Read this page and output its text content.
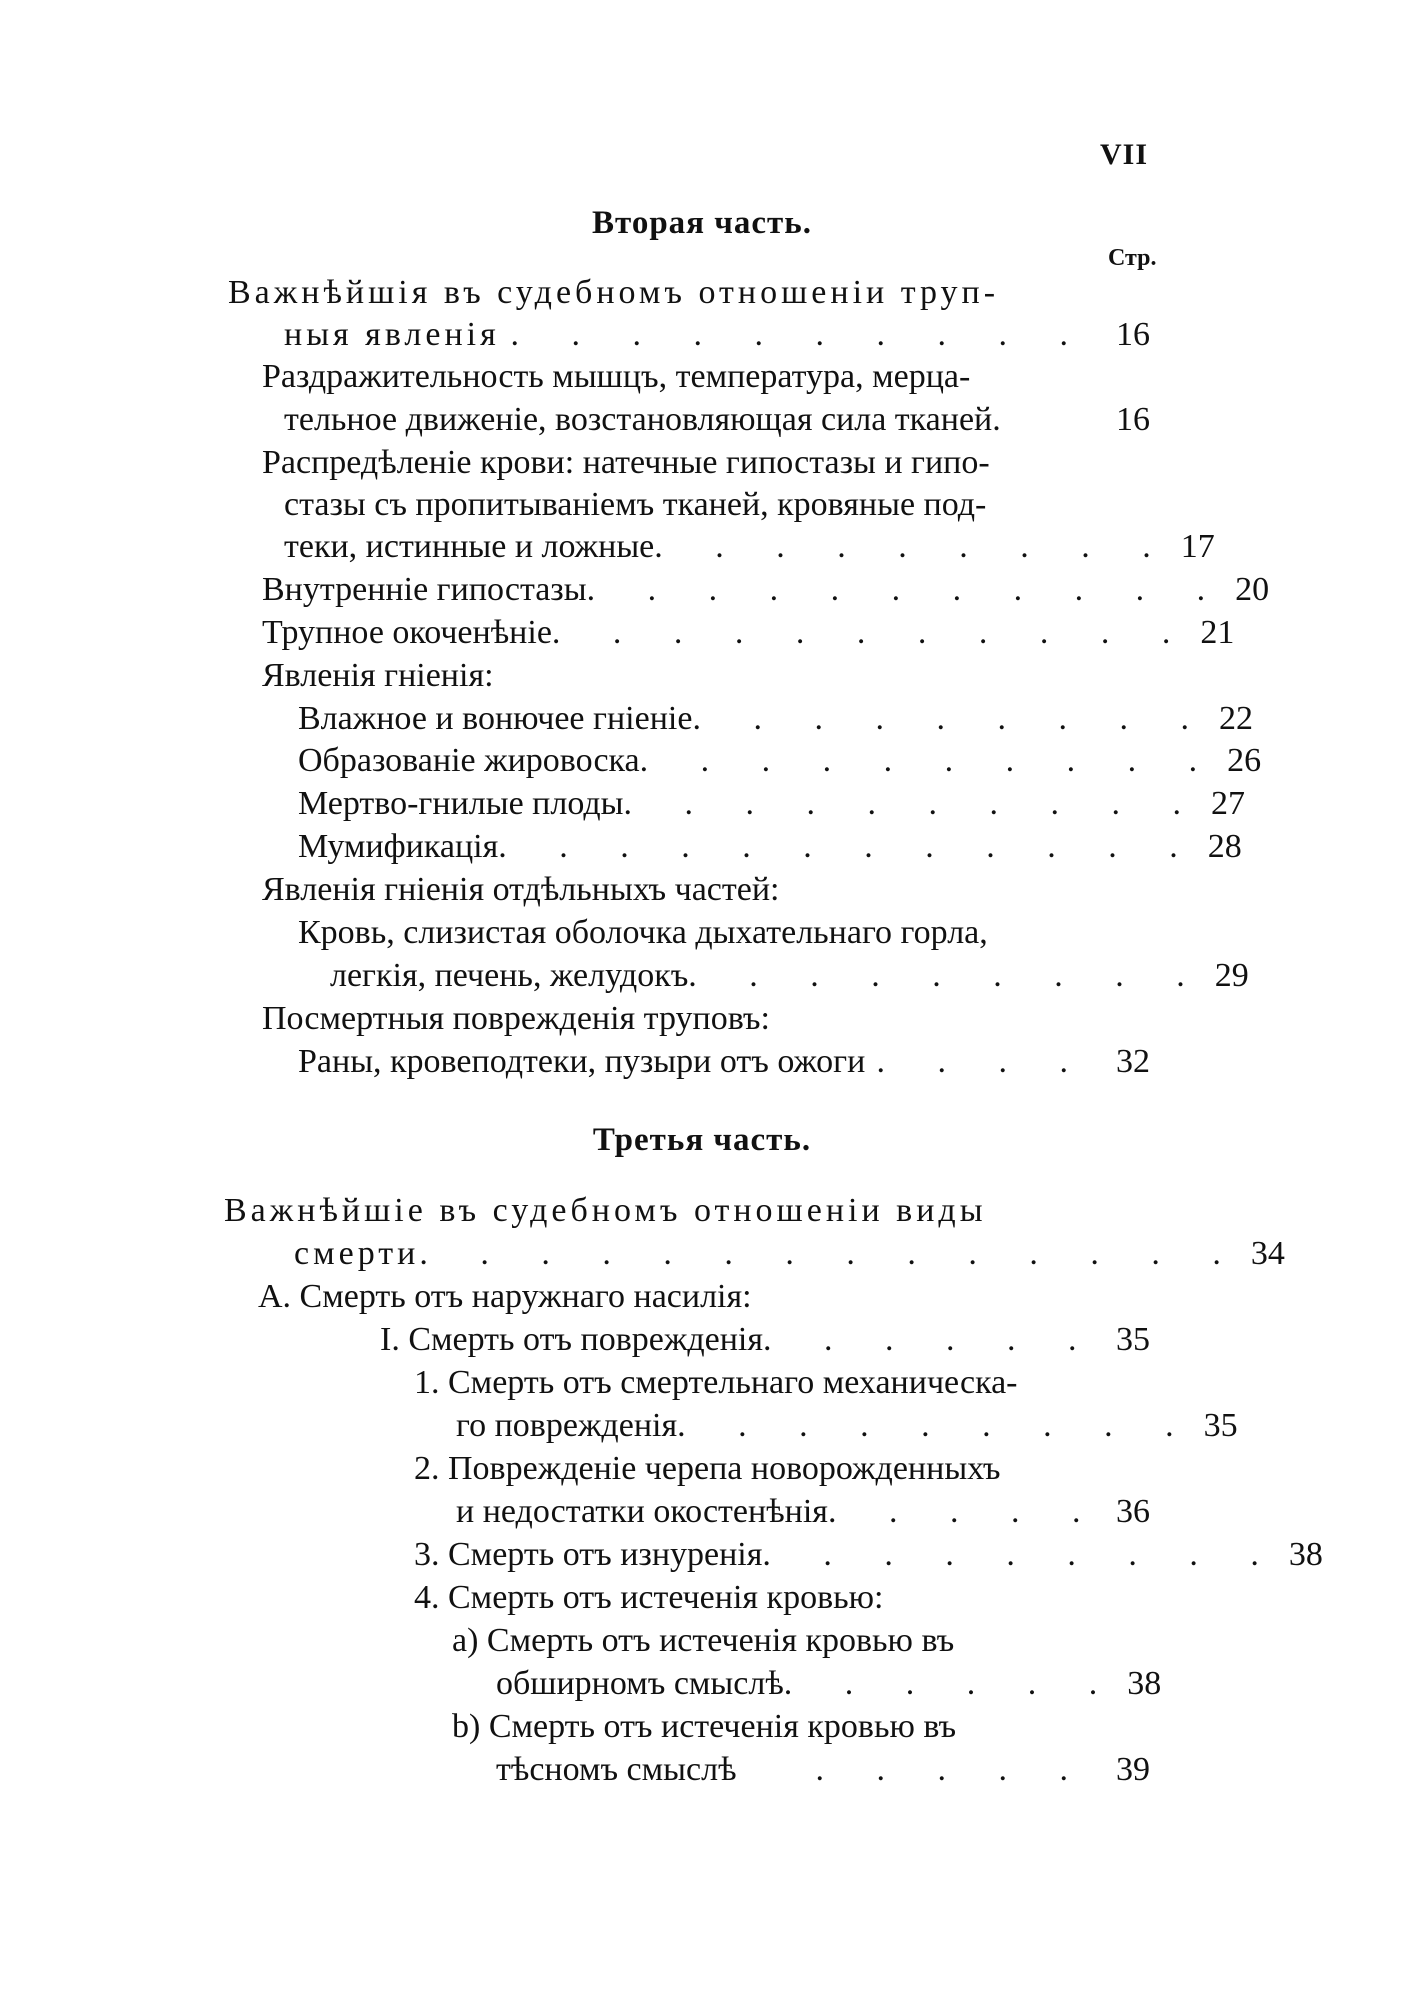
VII
Вторая часть.
Стр.
Важнѣйшія въ судебномъ отношеніи труп-
ныя явленія . . . . . . . . . . 16
Раздражительность мышцъ, температура, мерца-
тельное движеніе, возстановляющая сила тканей.	16
Распредѣленіе крови: натечные гипостазы и гипо-
стазы съ пропитываніемъ тканей, кровяные под-
теки, истинные и ложные . . . . . . . . . 17
Внутренніе гипостазы . . . . . . . . . . . 20
Трупное окоченѣніе . . . . . . . . . . . 21
Явленія гніенія:
Влажное и вонючее гніеніе . . . . . . . . . 22
Образованіе жировоска . . . . . . . . . . 26
Мертво-гнилые плоды . . . . . . . . . . 27
Мумификація . . . . . . . . . . . . 28
Явленія гніенія отдѣльныхъ частей:
Кровь, слизистая оболочка дыхательнаго горла,
легкія, печень, желудокъ . . . . . . . . . 29
Посмертныя поврежденія труповъ:
Раны, кровеподтеки, пузыри отъ ожоги . . . . 32
Третья часть.
Важнѣйшіе въ судебномъ отношеніи виды
смерти . . . . . . . . . . . . . . 34
А. Смерть отъ наружнаго насилія:
I. Смерть отъ поврежденія . . . . . . 35
1. Смерть отъ смертельнаго механическа-
го поврежденія . . . . . . . . . 35
2. Поврежденіе черепа новорожденныхъ
и недостатки окостенѣнія . . . . . 36
3. Смерть отъ изнуренія . . . . . . . . . 38
4. Смерть отъ истеченія кровью:
a) Смерть отъ истеченія кровью въ
обширномъ смыслѣ . . . . . . 38
b) Смерть отъ истеченія кровью въ
тѣсномъ смыслѣ	. . . . . 39
